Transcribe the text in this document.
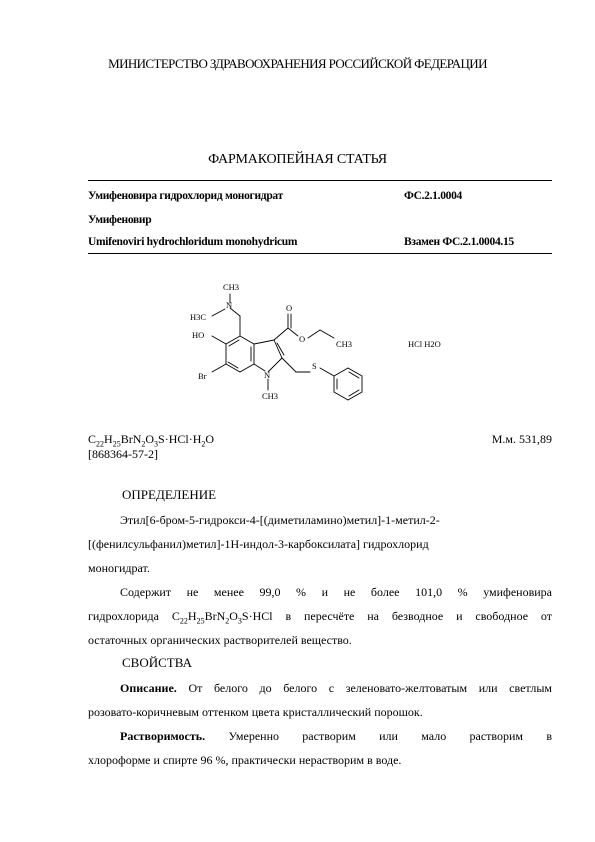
МИНИСТЕРСТВО ЗДРАВООХРАНЕНИЯ РОССИЙСКОЙ ФЕДЕРАЦИИ
ФАРМАКОПЕЙНАЯ СТАТЬЯ
Умифеновира гидрохлорид моногидрат	ФС.2.1.0004
Умифеновир
Umifenoviri hydrochloridum monohydricum	Взамен ФС.2.1.0004.15
CH3
N
H3C
HO
Br
O
O	CH3
N
CH3
S
HCl H2O
$C_{22}H_{25}BrN_2O_3S\cdot HCl\cdot H_2O$	М.м. 531,89
[868364-57-2]
ОПРЕДЕЛЕНИЕ
Этил[6-бром-5-гидрокси-4-[(диметиламино)метил]-1-метил-2-
[(фенилсульфанил)метил]-1H-индол-3-карбоксилата] гидрохлорид
моногидрат.
Содержит не менее 99,0 % и не более 101,0 % умифеновира
гидрохлорида $C_{22}H_{25}BrN_2O_3S\cdot HCl$ в пересчёте на безводное и свободное от
остаточных органических растворителей вещество.
СВОЙСТВА
Описание. От белого до белого с зеленовато-желтоватым или светлым
розовато-коричневым оттенком цвета кристаллический порошок.
Растворимость. Умеренно растворим или мало растворим в
хлороформе и спирте 96 %, практически нерастворим в воде.
